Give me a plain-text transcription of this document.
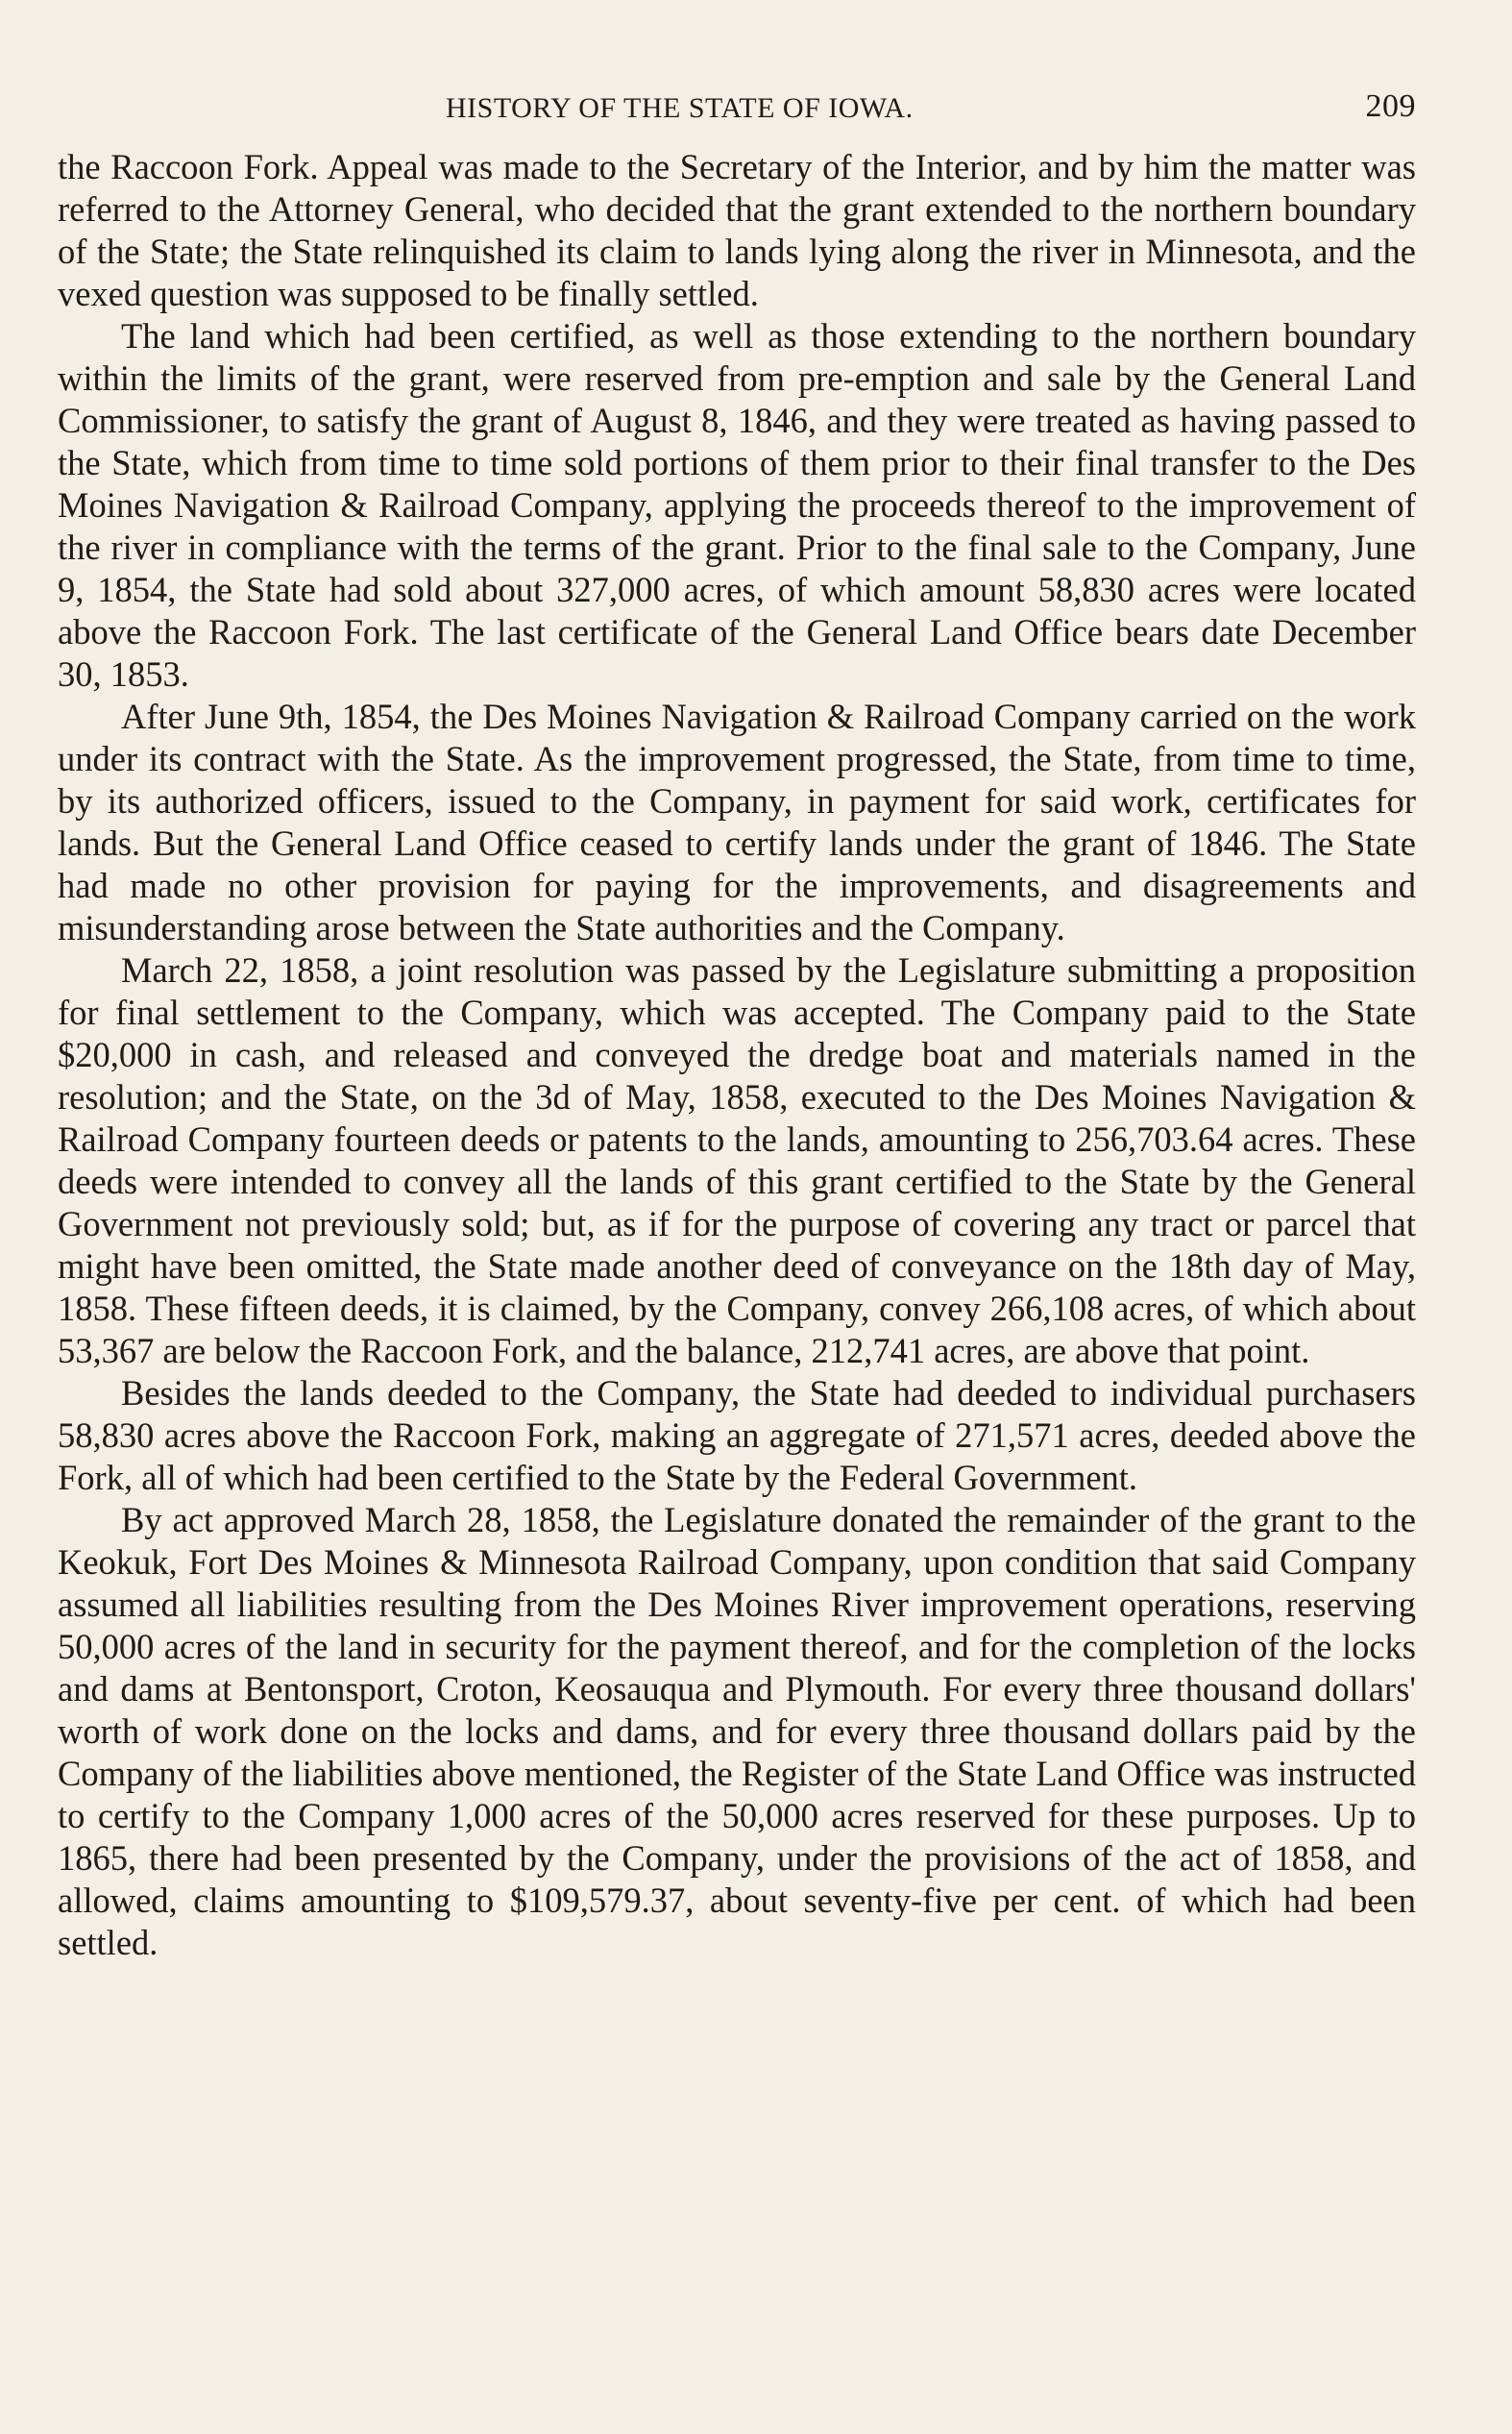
HISTORY OF THE STATE OF IOWA.	209

the Raccoon Fork. Appeal was made to the Secretary of the Interior, and by him the matter was referred to the Attorney General, who decided that the grant extended to the northern boundary of the State; the State relinquished its claim to lands lying along the river in Minnesota, and the vexed question was supposed to be finally settled.

The land which had been certified, as well as those extending to the northern boundary within the limits of the grant, were reserved from pre-emption and sale by the General Land Commissioner, to satisfy the grant of August 8, 1846, and they were treated as having passed to the State, which from time to time sold portions of them prior to their final transfer to the Des Moines Navigation & Railroad Company, applying the proceeds thereof to the improvement of the river in compliance with the terms of the grant. Prior to the final sale to the Company, June 9, 1854, the State had sold about 327,000 acres, of which amount 58,830 acres were located above the Raccoon Fork. The last certificate of the General Land Office bears date December 30, 1853.

After June 9th, 1854, the Des Moines Navigation & Railroad Company carried on the work under its contract with the State. As the improvement progressed, the State, from time to time, by its authorized officers, issued to the Company, in payment for said work, certificates for lands. But the General Land Office ceased to certify lands under the grant of 1846. The State had made no other provision for paying for the improvements, and disagreements and misunderstanding arose between the State authorities and the Company.

March 22, 1858, a joint resolution was passed by the Legislature submitting a proposition for final settlement to the Company, which was accepted. The Company paid to the State $20,000 in cash, and released and conveyed the dredge boat and materials named in the resolution; and the State, on the 3d of May, 1858, executed to the Des Moines Navigation & Railroad Company fourteen deeds or patents to the lands, amounting to 256,703.64 acres. These deeds were intended to convey all the lands of this grant certified to the State by the General Government not previously sold; but, as if for the purpose of covering any tract or parcel that might have been omitted, the State made another deed of conveyance on the 18th day of May, 1858. These fifteen deeds, it is claimed, by the Company, convey 266,108 acres, of which about 53,367 are below the Raccoon Fork, and the balance, 212,741 acres, are above that point.

Besides the lands deeded to the Company, the State had deeded to individual purchasers 58,830 acres above the Raccoon Fork, making an aggregate of 271,571 acres, deeded above the Fork, all of which had been certified to the State by the Federal Government.

By act approved March 28, 1858, the Legislature donated the remainder of the grant to the Keokuk, Fort Des Moines & Minnesota Railroad Company, upon condition that said Company assumed all liabilities resulting from the Des Moines River improvement operations, reserving 50,000 acres of the land in security for the payment thereof, and for the completion of the locks and dams at Bentonsport, Croton, Keosauqua and Plymouth. For every three thousand dollars' worth of work done on the locks and dams, and for every three thousand dollars paid by the Company of the liabilities above mentioned, the Register of the State Land Office was instructed to certify to the Company 1,000 acres of the 50,000 acres reserved for these purposes. Up to 1865, there had been presented by the Company, under the provisions of the act of 1858, and allowed, claims amounting to $109,579.37, about seventy-five per cent. of which had been settled.
